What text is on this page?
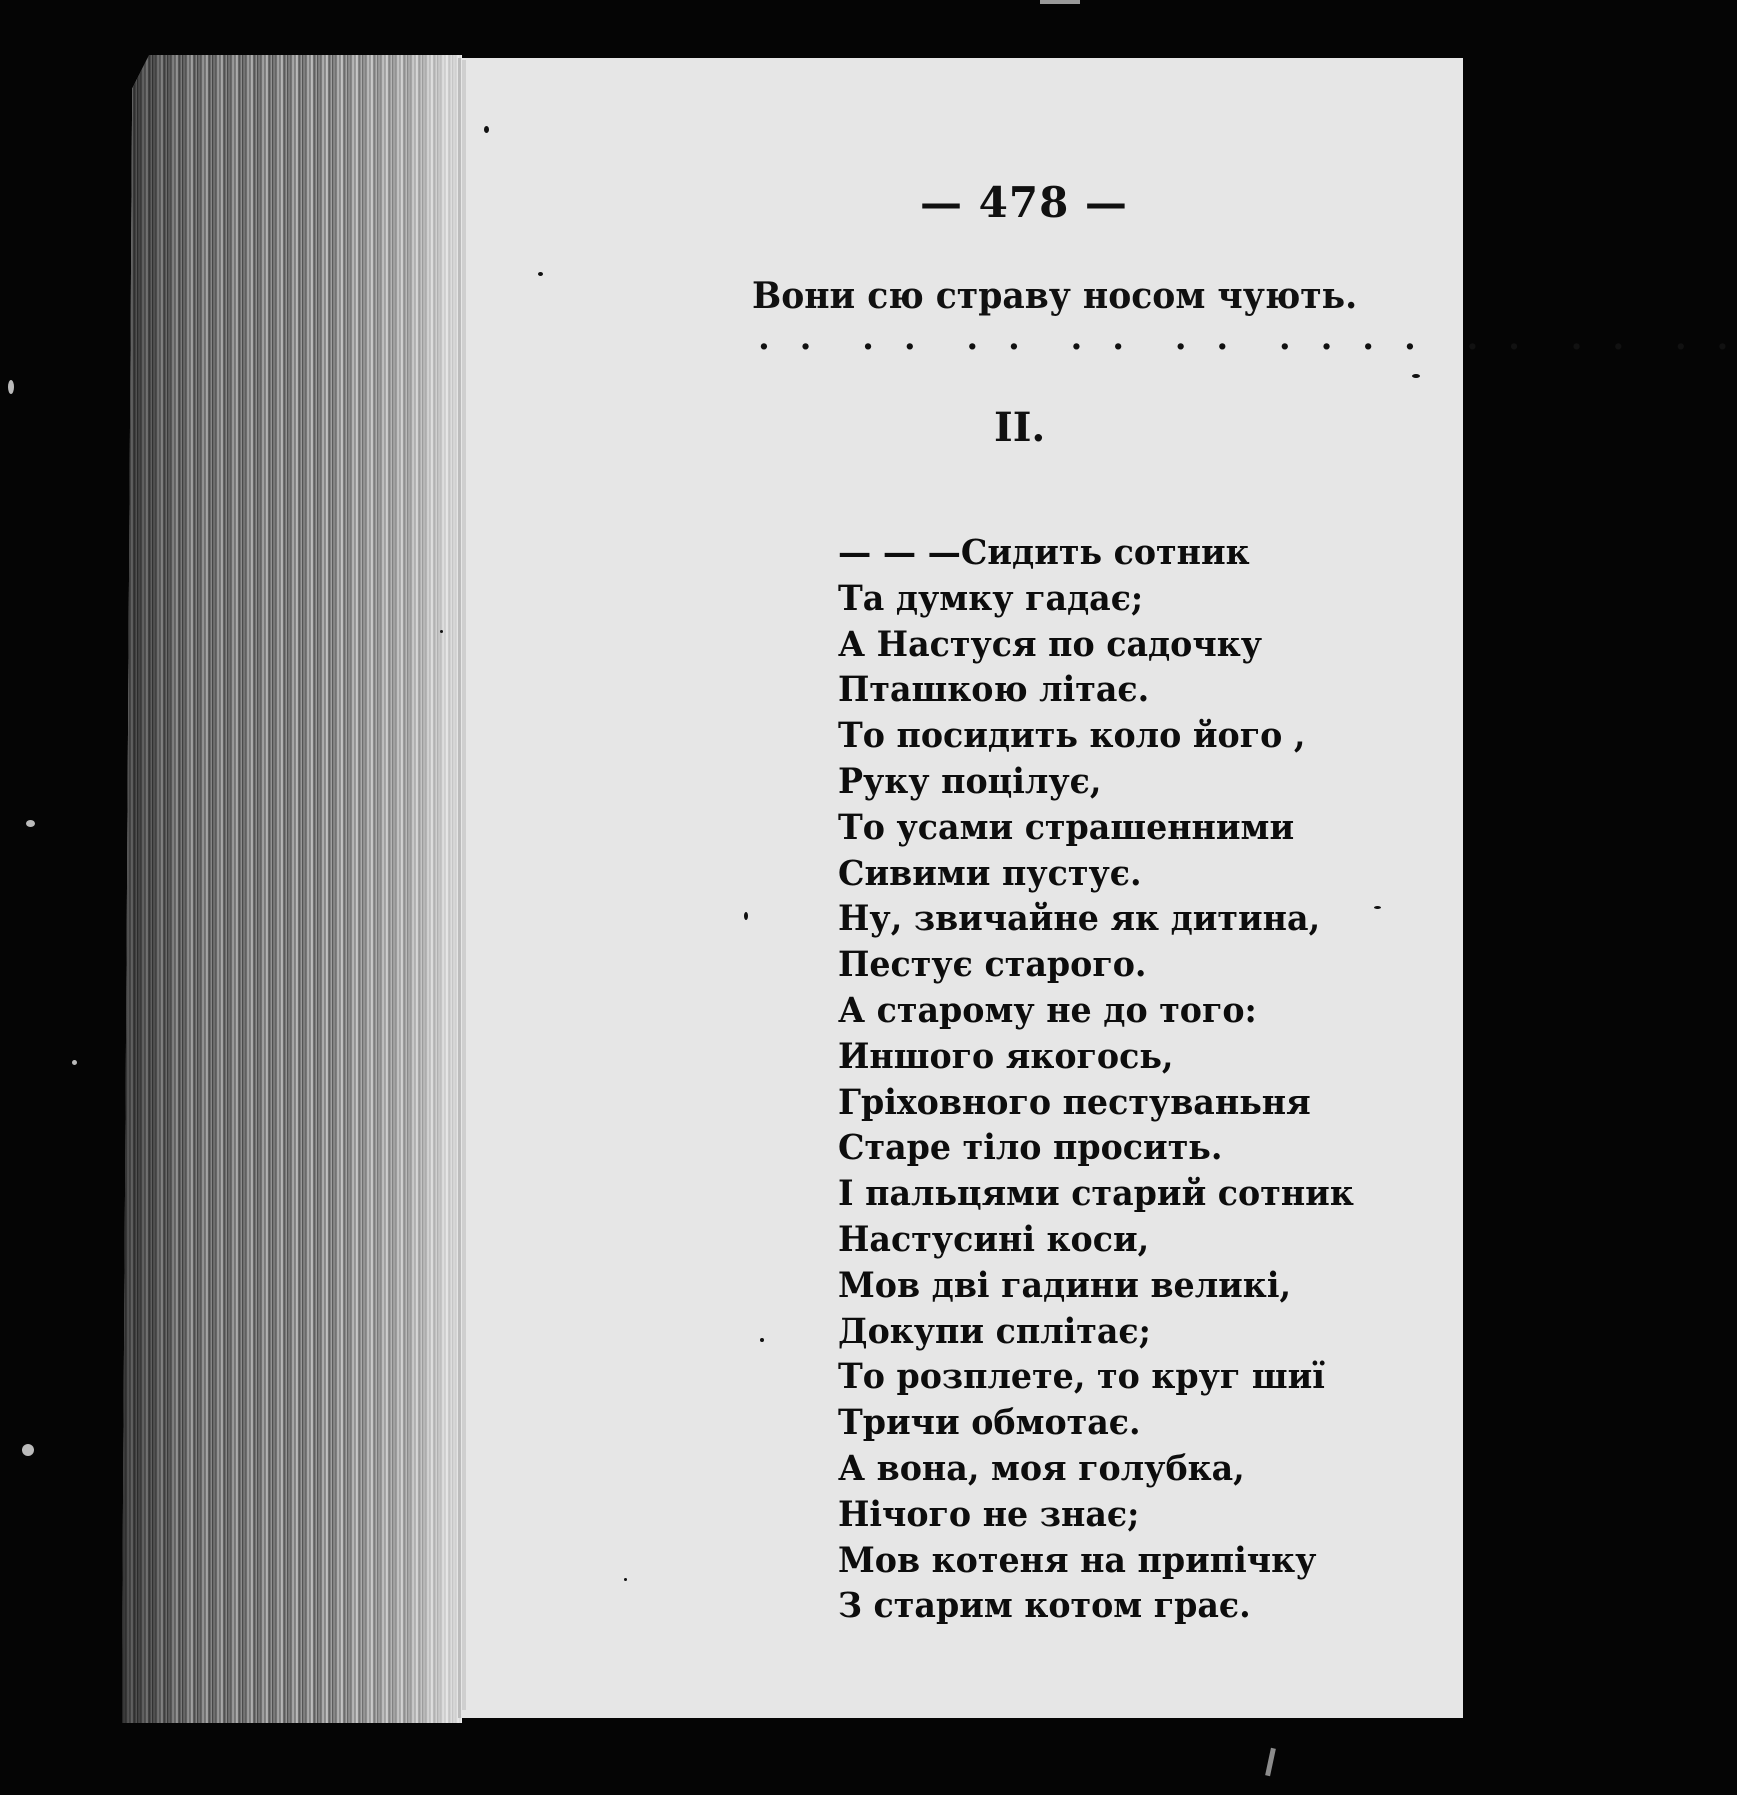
— 478 —
Вони сю страву носом чують.
. .  . .  . .  . .  . .  . . . .  . .  . .  . .
II.
— — —Сидить сотник
Та думку гадає;
А Настуся по садочку
Пташкою літає.
То посидить коло його ,
Руку поцілує,
То усами страшенними
Сивими пустує.
Ну, звичайне як дитина,
Пестує старого.
А старому не до того:
Иншого якогось,
Гріховного пестуваньня
Старе тіло просить.
І пальцями старий сотник
Настусині коси,
Мов дві гадини великі,
Докупи сплітає;
То розплете, то круг шиї
Тричи обмотає.
А вона, моя голубка,
Нічого не знає;
Мов котеня на припічку
З старим котом грає.
